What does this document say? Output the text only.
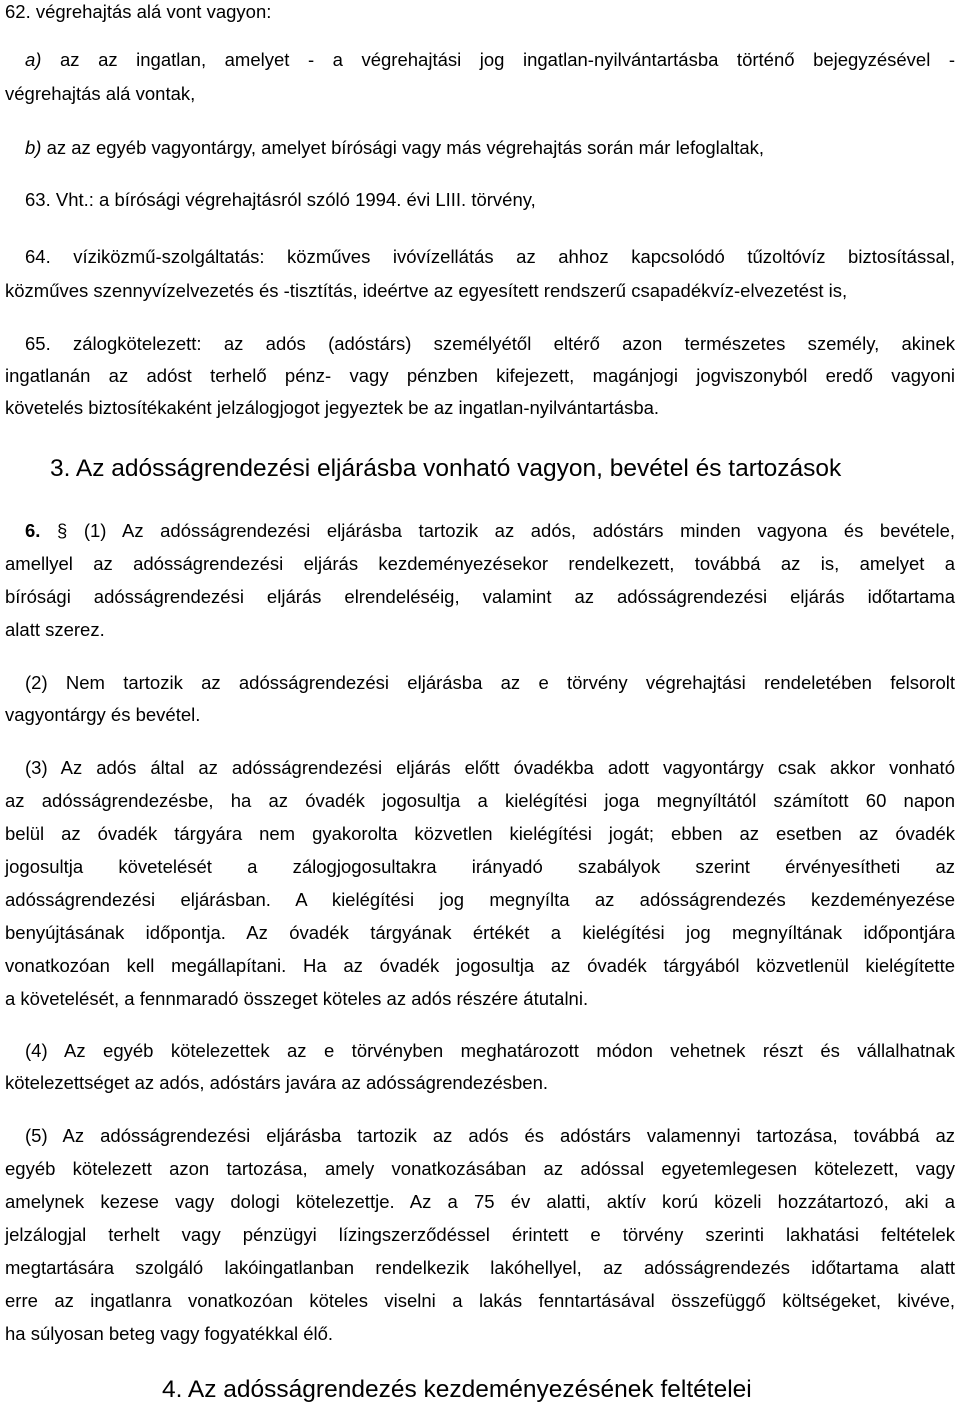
62. végrehajtás alá vont vagyon:
a) az az ingatlan, amelyet - a végrehajtási jog ingatlan-nyilvántartásba történő bejegyzésével -
végrehajtás alá vontak,
b) az az egyéb vagyontárgy, amelyet bírósági vagy más végrehajtás során már lefoglaltak,
63. Vht.: a bírósági végrehajtásról szóló 1994. évi LIII. törvény,
64. víziközmű-szolgáltatás: közműves ivóvízellátás az ahhoz kapcsolódó tűzoltóvíz biztosítással,
közműves szennyvízelvezetés és -tisztítás, ideértve az egyesített rendszerű csapadékvíz-elvezetést is,
65. zálogkötelezett: az adós (adóstárs) személyétől eltérő azon természetes személy, akinek
ingatlanán az adóst terhelő pénz- vagy pénzben kifejezett, magánjogi jogviszonyból eredő vagyoni
követelés biztosítékaként jelzálogjogot jegyeztek be az ingatlan-nyilvántartásba.
3. Az adósságrendezési eljárásba vonható vagyon, bevétel és tartozások
6. § (1) Az adósságrendezési eljárásba tartozik az adós, adóstárs minden vagyona és bevétele,
amellyel az adósságrendezési eljárás kezdeményezésekor rendelkezett, továbbá az is, amelyet a
bírósági adósságrendezési eljárás elrendeléséig, valamint az adósságrendezési eljárás időtartama
alatt szerez.
(2) Nem tartozik az adósságrendezési eljárásba az e törvény végrehajtási rendeletében felsorolt
vagyontárgy és bevétel.
(3) Az adós által az adósságrendezési eljárás előtt óvadékba adott vagyontárgy csak akkor vonható
az adósságrendezésbe, ha az óvadék jogosultja a kielégítési joga megnyíltától számított 60 napon
belül az óvadék tárgyára nem gyakorolta közvetlen kielégítési jogát; ebben az esetben az óvadék
jogosultja követelését a zálogjogosultakra irányadó szabályok szerint érvényesítheti az
adósságrendezési eljárásban. A kielégítési jog megnyílta az adósságrendezés kezdeményezése
benyújtásának időpontja. Az óvadék tárgyának értékét a kielégítési jog megnyíltának időpontjára
vonatkozóan kell megállapítani. Ha az óvadék jogosultja az óvadék tárgyából közvetlenül kielégítette
a követelését, a fennmaradó összeget köteles az adós részére átutalni.
(4) Az egyéb kötelezettek az e törvényben meghatározott módon vehetnek részt és vállalhatnak
kötelezettséget az adós, adóstárs javára az adósságrendezésben.
(5) Az adósságrendezési eljárásba tartozik az adós és adóstárs valamennyi tartozása, továbbá az
egyéb kötelezett azon tartozása, amely vonatkozásában az adóssal egyetemlegesen kötelezett, vagy
amelynek kezese vagy dologi kötelezettje. Az a 75 év alatti, aktív korú közeli hozzátartozó, aki a
jelzálogjal terhelt vagy pénzügyi lízingszerződéssel érintett e törvény szerinti lakhatási feltételek
megtartására szolgáló lakóingatlanban rendelkezik lakóhellyel, az adósságrendezés időtartama alatt
erre az ingatlanra vonatkozóan köteles viselni a lakás fenntartásával összefüggő költségeket, kivéve,
ha súlyosan beteg vagy fogyatékkal élő.
4. Az adósságrendezés kezdeményezésének feltételei
